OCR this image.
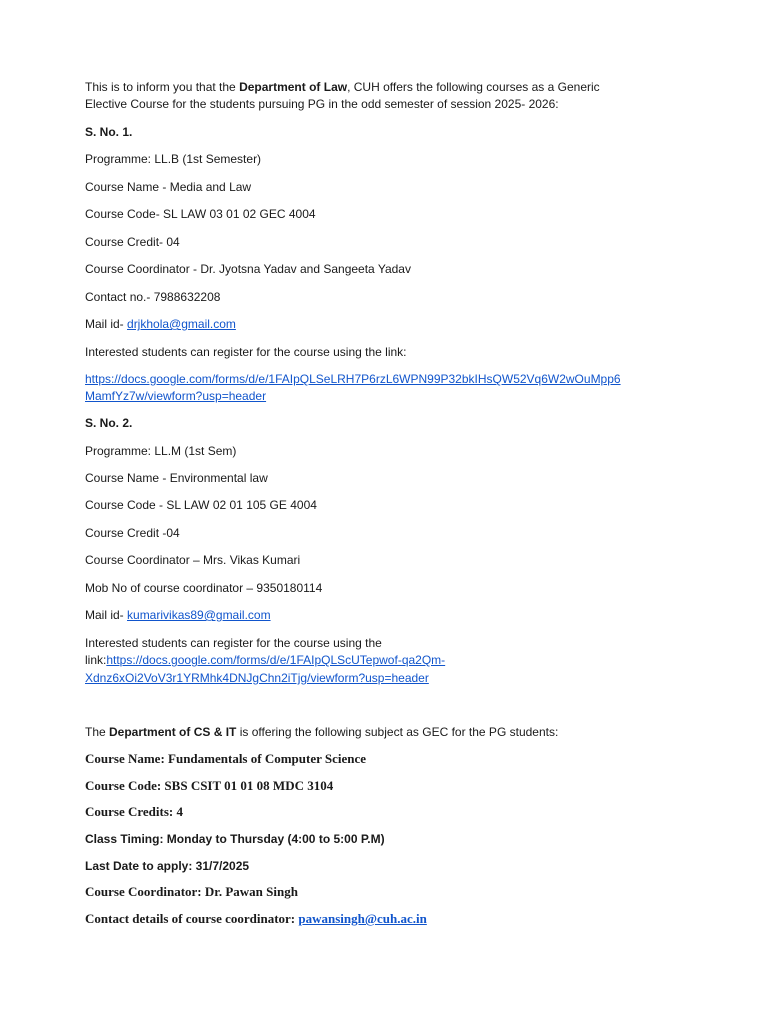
This is to inform you that the Department of Law, CUH offers the following courses as a Generic
Elective Course for the students pursuing PG in the odd semester of session 2025- 2026:
S. No. 1.
Programme: LL.B (1st Semester)
Course Name - Media and Law
Course Code- SL LAW 03 01 02 GEC 4004
Course Credit- 04
Course Coordinator - Dr. Jyotsna Yadav and Sangeeta Yadav
Contact no.- 7988632208
Mail id- drjkhola@gmail.com
Interested students can register for the course using the link:
https://docs.google.com/forms/d/e/1FAIpQLSeLRH7P6rzL6WPN99P32bkIHsQW52Vq6W2wOuMpp6
MamfYz7w/viewform?usp=header
S. No. 2.
Programme: LL.M (1st Sem)
Course Name - Environmental law
Course Code - SL LAW 02 01 105 GE 4004
Course Credit -04
Course Coordinator – Mrs. Vikas Kumari
Mob No of course coordinator – 9350180114
Mail id- kumarivikas89@gmail.com
Interested students can register for the course using the
link:https://docs.google.com/forms/d/e/1FAIpQLScUTepwof-qa2Qm-
Xdnz6xOi2VoV3r1YRMhk4DNJgChn2iTjg/viewform?usp=header
The Department of CS & IT is offering the following subject as GEC for the PG students:
Course Name: Fundamentals of Computer Science
Course Code: SBS CSIT 01 01 08 MDC 3104
Course Credits: 4
Class Timing: Monday to Thursday (4:00 to 5:00 P.M)
Last Date to apply: 31/7/2025
Course Coordinator: Dr. Pawan Singh
Contact details of course coordinator: pawansingh@cuh.ac.in
